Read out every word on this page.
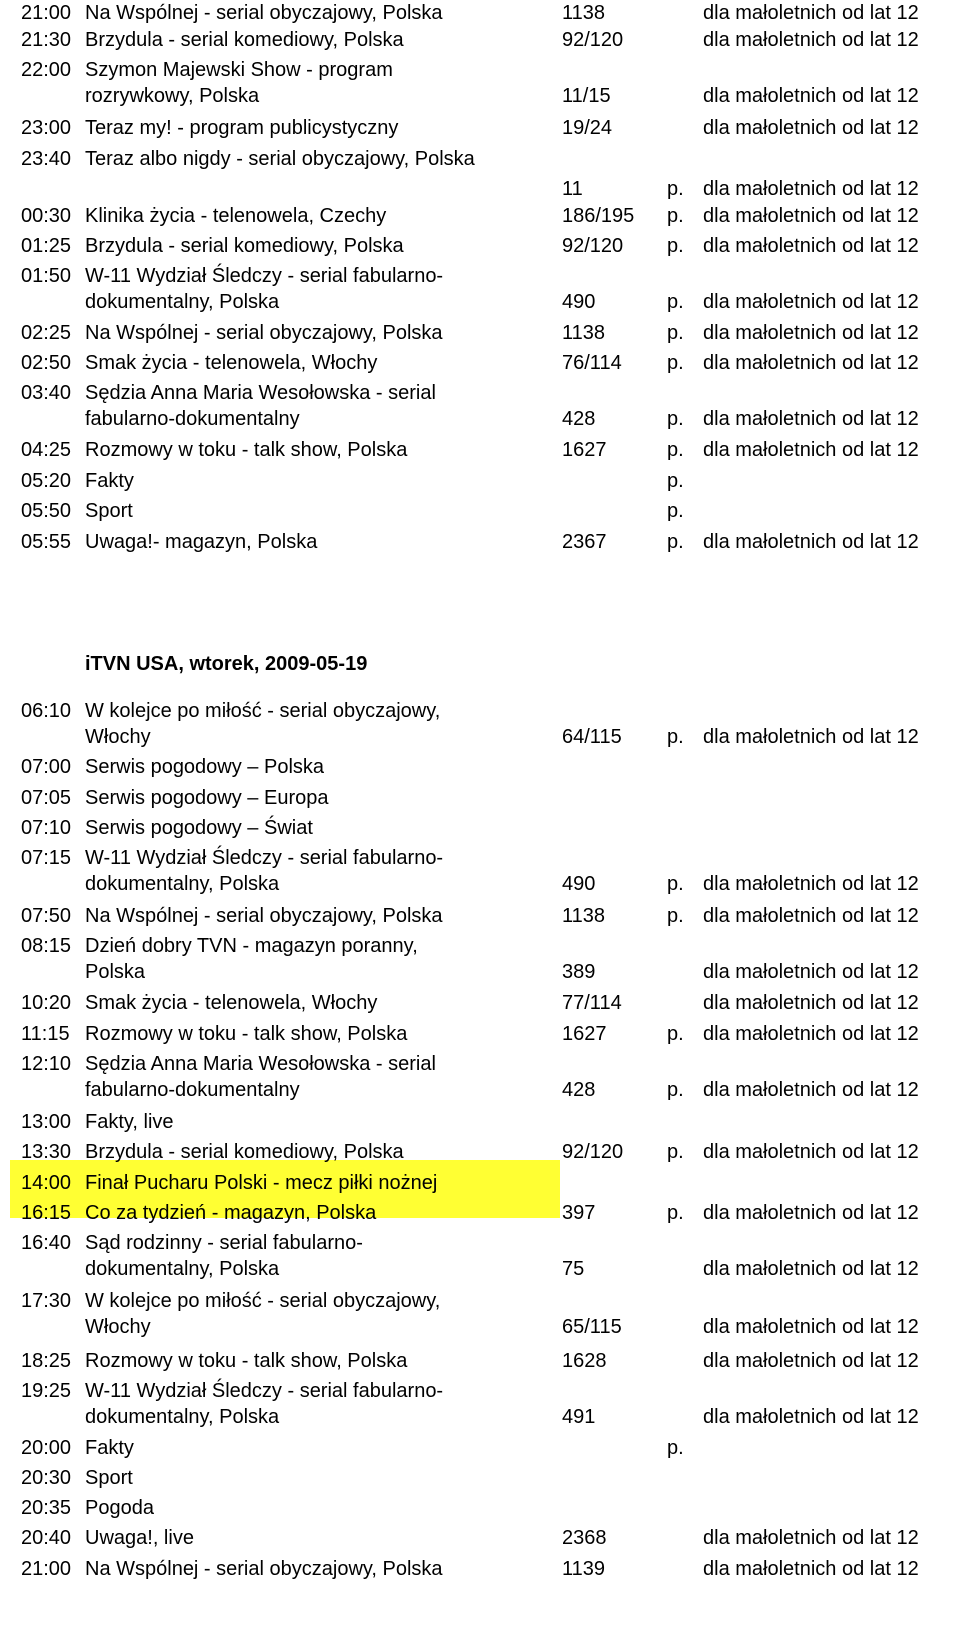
iTVN USA, wtorek, 2009-05-19
21:00 Na Wspólnej - serial obyczajowy, Polska	1138	dla małoletnich od lat 12
21:30 Brzydula - serial komediowy, Polska	92/120	dla małoletnich od lat 12
22:00 Szymon Majewski Show - program
rozrywkowy, Polska	11/15	dla małoletnich od lat 12
23:00 Teraz my! - program publicystyczny	19/24	dla małoletnich od lat 12
23:40 Teraz albo nigdy - serial obyczajowy, Polska
11	p. dla małoletnich od lat 12
00:30 Klinika życia - telenowela, Czechy	186/195 p. dla małoletnich od lat 12
01:25 Brzydula - serial komediowy, Polska	92/120 p. dla małoletnich od lat 12
01:50 W-11 Wydział Śledczy - serial fabularno-
dokumentalny, Polska	490	p. dla małoletnich od lat 12
02:25 Na Wspólnej - serial obyczajowy, Polska	1138	p. dla małoletnich od lat 12
02:50 Smak życia - telenowela, Włochy	76/114 p. dla małoletnich od lat 12
03:40 Sędzia Anna Maria Wesołowska - serial
fabularno-dokumentalny	428	p. dla małoletnich od lat 12
04:25 Rozmowy w toku - talk show, Polska	1627	p. dla małoletnich od lat 12
05:20 Fakty	p.
05:50 Sport	p.
05:55 Uwaga!- magazyn, Polska	2367	p. dla małoletnich od lat 12
06:10 W kolejce po miłość - serial obyczajowy,
Włochy	64/115 p. dla małoletnich od lat 12
07:00 Serwis pogodowy – Polska
07:05 Serwis pogodowy – Europa
07:10 Serwis pogodowy – Świat
07:15 W-11 Wydział Śledczy - serial fabularno-
dokumentalny, Polska	490	p. dla małoletnich od lat 12
07:50 Na Wspólnej - serial obyczajowy, Polska	1138	p. dla małoletnich od lat 12
08:15 Dzień dobry TVN - magazyn poranny,
Polska	389	dla małoletnich od lat 12
10:20 Smak życia - telenowela, Włochy	77/114	dla małoletnich od lat 12
11:15 Rozmowy w toku - talk show, Polska	1627	p. dla małoletnich od lat 12
12:10 Sędzia Anna Maria Wesołowska - serial
fabularno-dokumentalny	428	p. dla małoletnich od lat 12
13:00 Fakty, live
13:30 Brzydula - serial komediowy, Polska	92/120 p. dla małoletnich od lat 12
14:00 Finał Pucharu Polski - mecz piłki nożnej
16:15 Co za tydzień - magazyn, Polska	397	p. dla małoletnich od lat 12
16:40 Sąd rodzinny - serial fabularno-
dokumentalny, Polska	75	dla małoletnich od lat 12
17:30 W kolejce po miłość - serial obyczajowy,
Włochy	65/115	dla małoletnich od lat 12
18:25 Rozmowy w toku - talk show, Polska	1628	dla małoletnich od lat 12
19:25 W-11 Wydział Śledczy - serial fabularno-
dokumentalny, Polska	491	dla małoletnich od lat 12
20:00 Fakty	p.
20:30 Sport
20:35 Pogoda
20:40 Uwaga!, live	2368	dla małoletnich od lat 12
21:00 Na Wspólnej - serial obyczajowy, Polska	1139	dla małoletnich od lat 12
